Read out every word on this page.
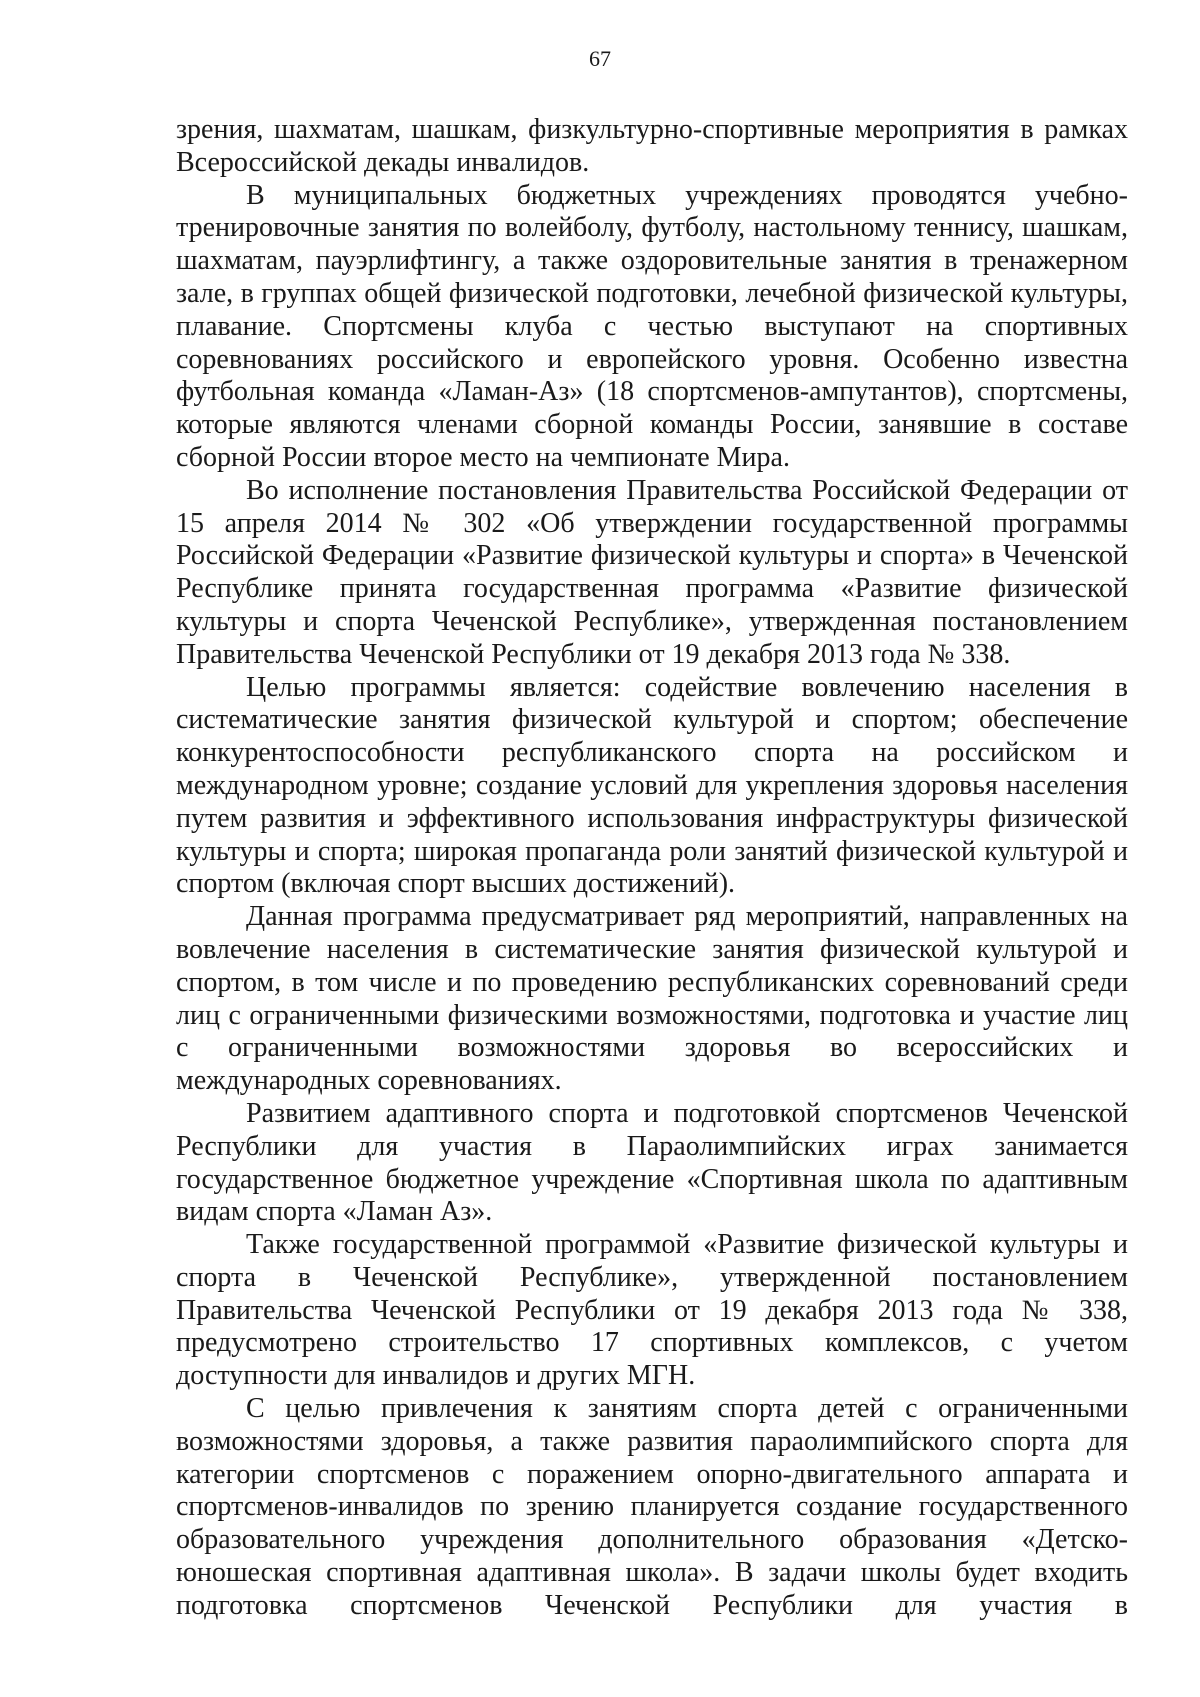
67

зрения, шахматам, шашкам, физкультурно-спортивные мероприятия в рамках Всероссийской декады инвалидов.

В муниципальных бюджетных учреждениях проводятся учебно-тренировочные занятия по волейболу, футболу, настольному теннису, шашкам, шахматам, пауэрлифтингу, а также оздоровительные занятия в тренажерном зале, в группах общей физической подготовки, лечебной физической культуры, плавание. Спортсмены клуба с честью выступают на спортивных соревнованиях российского и европейского уровня. Особенно известна футбольная команда «Ламан-Аз» (18 спортсменов-ампутантов), спортсмены, которые являются членами сборной команды России, занявшие в составе сборной России второе место на чемпионате Мира.

Во исполнение постановления Правительства Российской Федерации от 15 апреля 2014 № 302 «Об утверждении государственной программы Российской Федерации «Развитие физической культуры и спорта» в Чеченской Республике принята государственная программа «Развитие физической культуры и спорта Чеченской Республике», утвержденная постановлением Правительства Чеченской Республики от 19 декабря 2013 года № 338.

Целью программы является: содействие вовлечению населения в систематические занятия физической культурой и спортом; обеспечение конкурентоспособности республиканского спорта на российском и международном уровне; создание условий для укрепления здоровья населения путем развития и эффективного использования инфраструктуры физической культуры и спорта; широкая пропаганда роли занятий физической культурой и спортом (включая спорт высших достижений).

Данная программа предусматривает ряд мероприятий, направленных на вовлечение населения в систематические занятия физической культурой и спортом, в том числе и по проведению республиканских соревнований среди лиц с ограниченными физическими возможностями, подготовка и участие лиц с ограниченными возможностями здоровья во всероссийских и международных соревнованиях.

Развитием адаптивного спорта и подготовкой спортсменов Чеченской Республики для участия в Параолимпийских играх занимается государственное бюджетное учреждение «Спортивная школа по адаптивным видам спорта «Ламан Аз».

Также государственной программой «Развитие физической культуры и спорта в Чеченской Республике», утвержденной постановлением Правительства Чеченской Республики от 19 декабря 2013 года № 338, предусмотрено строительство 17 спортивных комплексов, с учетом доступности для инвалидов и других МГН.

С целью привлечения к занятиям спорта детей с ограниченными возможностями здоровья, а также развития параолимпийского спорта для категории спортсменов с поражением опорно-двигательного аппарата и спортсменов-инвалидов по зрению планируется создание государственного образовательного учреждения дополнительного образования «Детско-юношеская спортивная адаптивная школа». В задачи школы будет входить подготовка спортсменов Чеченской Республики для участия в
